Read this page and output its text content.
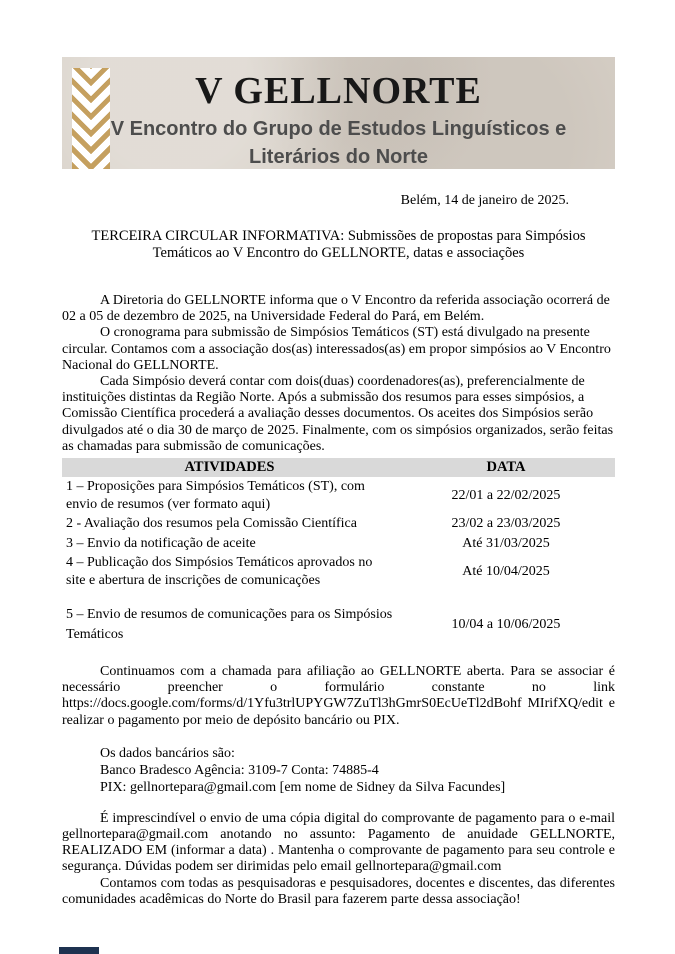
V GELLNORTE
V Encontro do Grupo de Estudos Linguísticos e Literários do Norte
Belém, 14 de janeiro de 2025.
TERCEIRA CIRCULAR INFORMATIVA: Submissões de propostas para Simpósios Temáticos ao V Encontro do GELLNORTE, datas e associações

A Diretoria do GELLNORTE informa que o V Encontro da referida associação ocorrerá de 02 a 05 de dezembro de 2025, na Universidade Federal do Pará, em Belém.

O cronograma para submissão de Simpósios Temáticos (ST) está divulgado na presente circular. Contamos com a associação dos(as) interessados(as) em propor simpósios ao V Encontro Nacional do GELLNORTE.

Cada Simpósio deverá contar com dois(duas) coordenadores(as), preferencialmente de instituições distintas da Região Norte. Após a submissão dos resumos para esses simpósios, a Comissão Científica procederá a avaliação desses documentos. Os aceites dos Simpósios serão divulgados até o dia 30 de março de 2025. Finalmente, com os simpósios organizados, serão feitas as chamadas para submissão de comunicações.

ATIVIDADES	DATA
1 – Proposições para Simpósios Temáticos (ST), com envio de resumos (ver formato aqui)	22/01 a 22/02/2025
2 - Avaliação dos resumos pela Comissão Científica	23/02 a 23/03/2025
3 – Envio da notificação de aceite	Até 31/03/2025
4 – Publicação dos Simpósios Temáticos aprovados no site e abertura de inscrições de comunicações	Até 10/04/2025

5 – Envio de resumos de comunicações para os Simpósios Temáticos	10/04 a 10/06/2025

Continuamos com a chamada para afiliação ao GELLNORTE aberta. Para se associar é necessário preencher o formulário constante no link https://docs.google.com/forms/d/1Yfu3trlUPYGW7ZuTl3hGmrS0EcUeTl2dBohf MIrifXQ/edit e realizar o pagamento por meio de depósito bancário ou PIX.

Os dados bancários são:
Banco Bradesco Agência: 3109-7 Conta: 74885-4
PIX: gellnortepara@gmail.com [em nome de Sidney da Silva Facundes]

É imprescindível o envio de uma cópia digital do comprovante de pagamento para o e-mail gellnortepara@gmail.com anotando no assunto: Pagamento de anuidade GELLNORTE, REALIZADO EM (informar a data) . Mantenha o comprovante de pagamento para seu controle e segurança. Dúvidas podem ser dirimidas pelo email gellnortepara@gmail.com

Contamos com todas as pesquisadoras e pesquisadores, docentes e discentes, das diferentes comunidades acadêmicas do Norte do Brasil para fazerem parte dessa associação!
